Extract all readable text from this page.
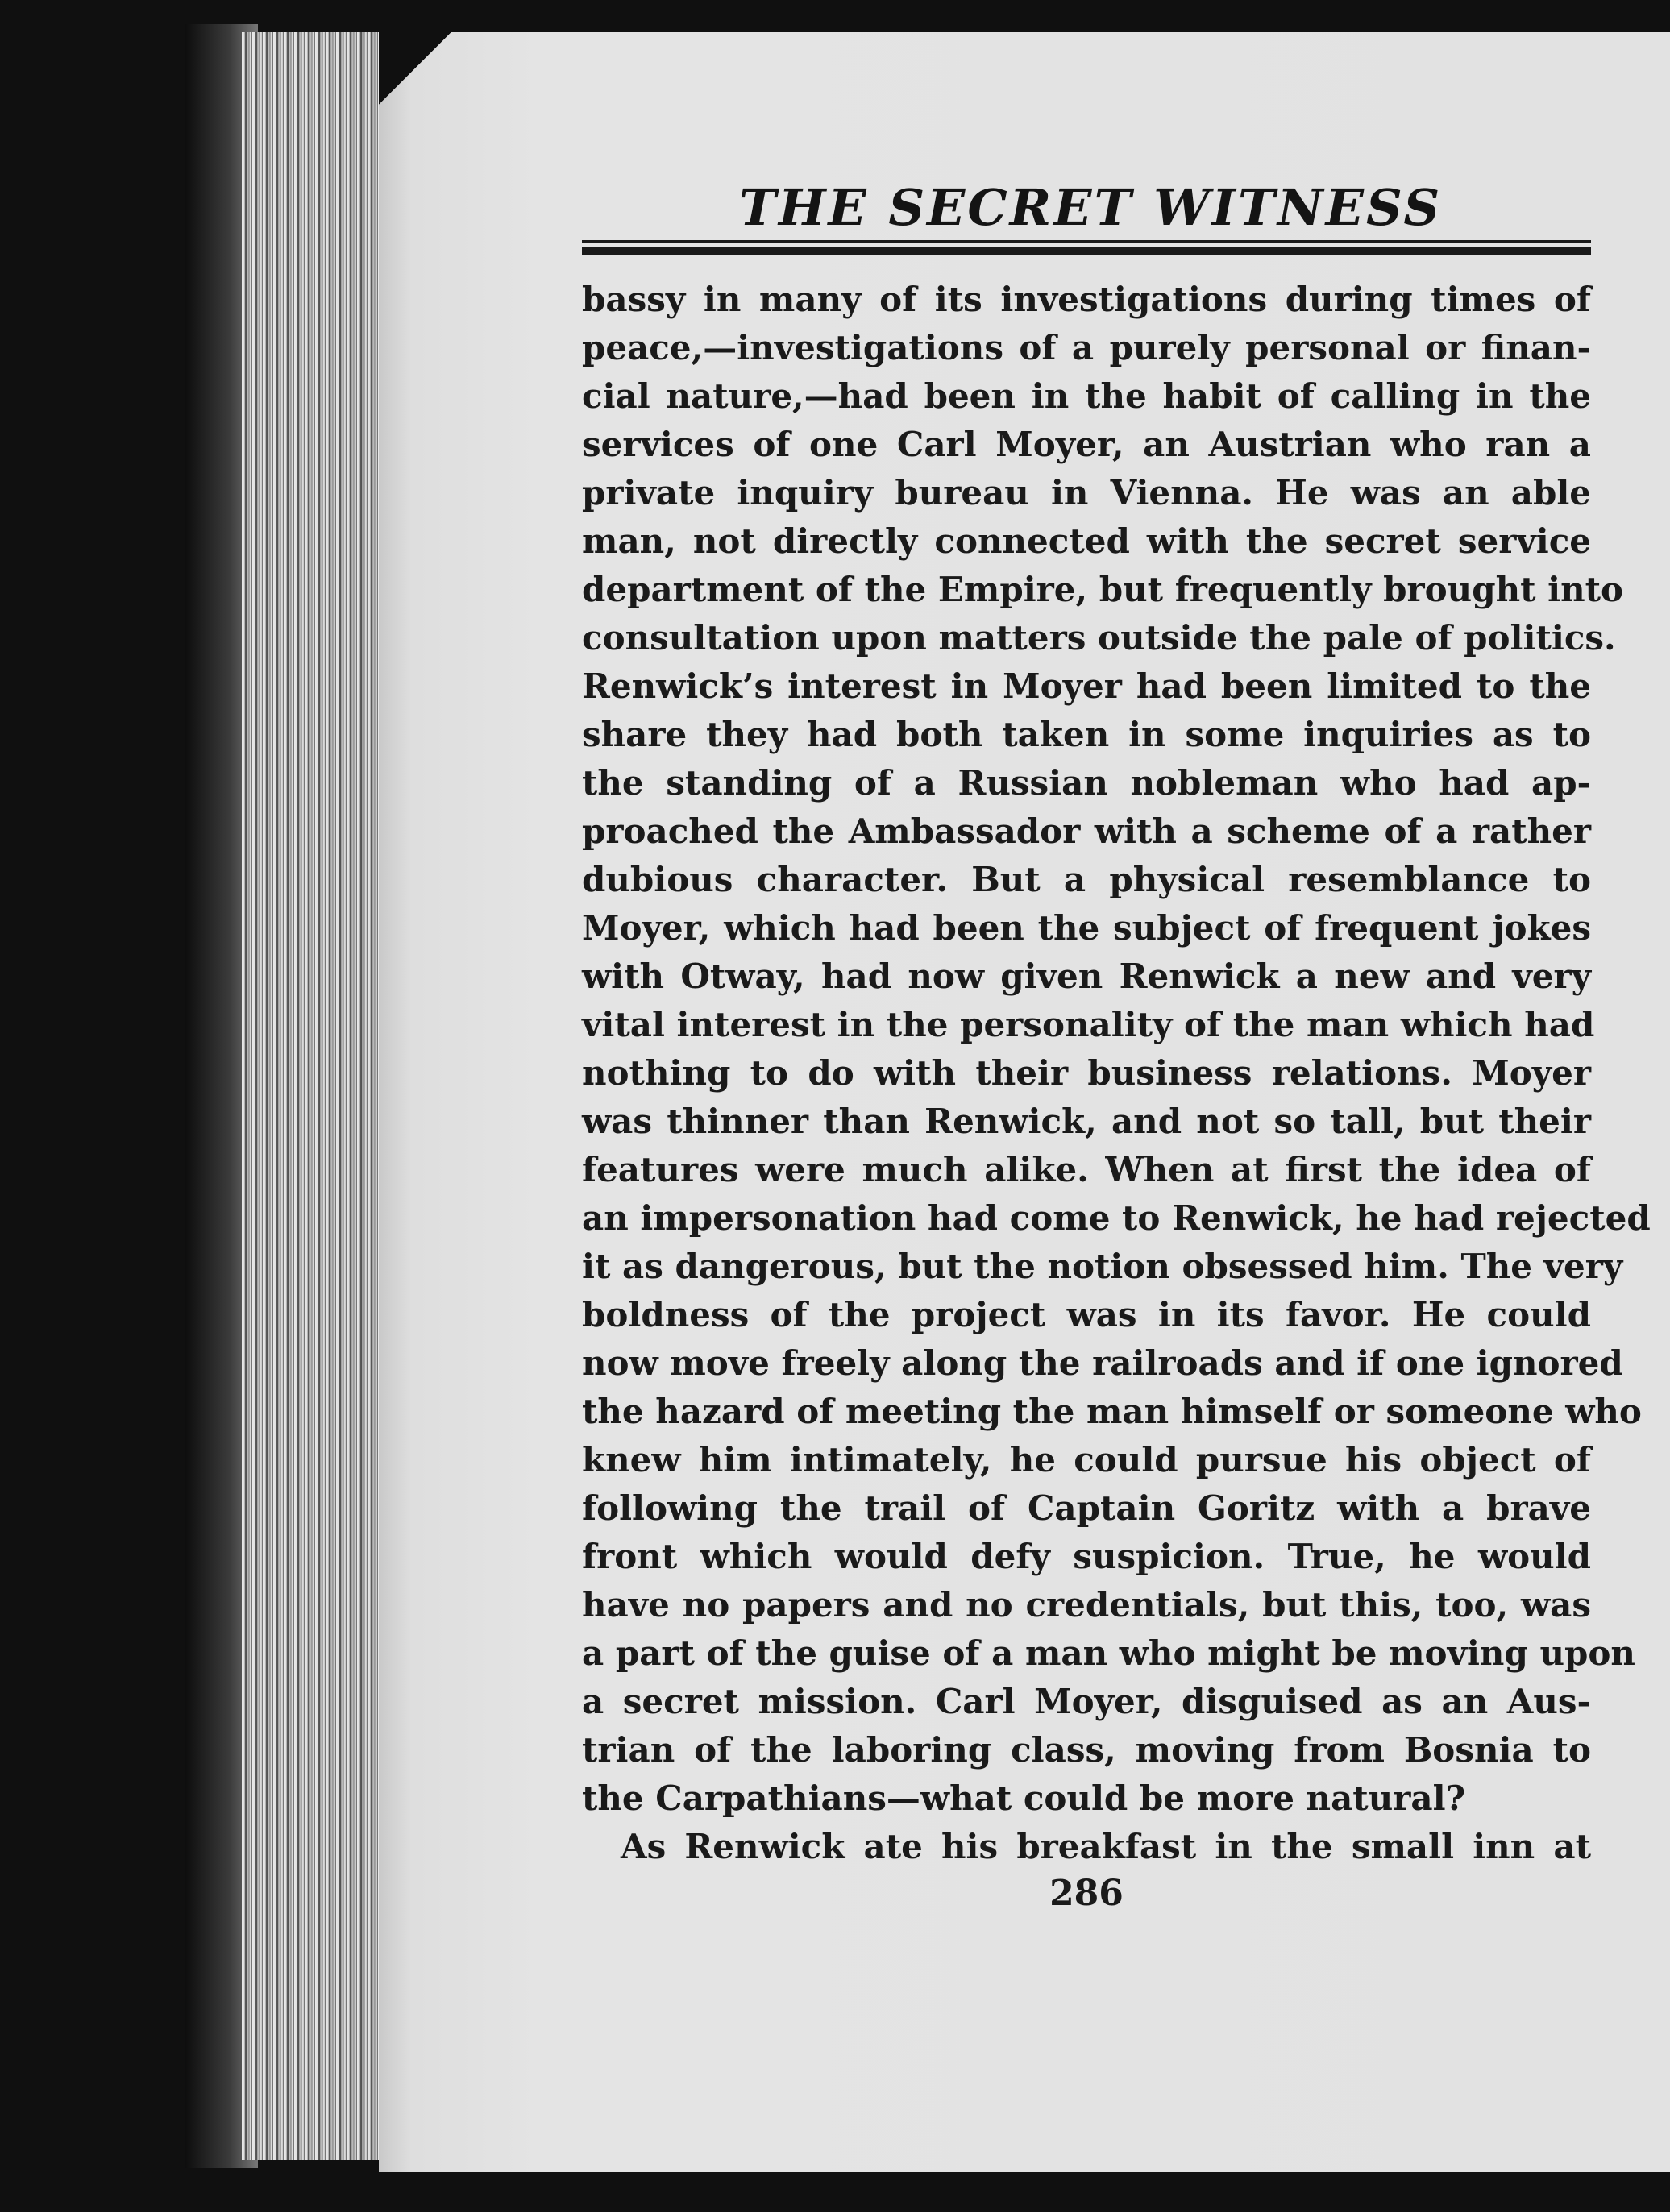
THE SECRET WITNESS
bassy in many of its investigations during times of
peace,—investigations of a purely personal or finan-
cial nature,—had been in the habit of calling in the
services of one Carl Moyer, an Austrian who ran a
private inquiry bureau in Vienna. He was an able
man, not directly connected with the secret service
department of the Empire, but frequently brought into
consultation upon matters outside the pale of politics.
Renwick’s interest in Moyer had been limited to the
share they had both taken in some inquiries as to
the standing of a Russian nobleman who had ap-
proached the Ambassador with a scheme of a rather
dubious character. But a physical resemblance to
Moyer, which had been the subject of frequent jokes
with Otway, had now given Renwick a new and very
vital interest in the personality of the man which had
nothing to do with their business relations. Moyer
was thinner than Renwick, and not so tall, but their
features were much alike. When at first the idea of
an impersonation had come to Renwick, he had rejected
it as dangerous, but the notion obsessed him. The very
boldness of the project was in its favor. He could
now move freely along the railroads and if one ignored
the hazard of meeting the man himself or someone who
knew him intimately, he could pursue his object of
following the trail of Captain Goritz with a brave
front which would defy suspicion. True, he would
have no papers and no credentials, but this, too, was
a part of the guise of a man who might be moving upon
a secret mission. Carl Moyer, disguised as an Aus-
trian of the laboring class, moving from Bosnia to
the Carpathians—what could be more natural?
As Renwick ate his breakfast in the small inn at
286
